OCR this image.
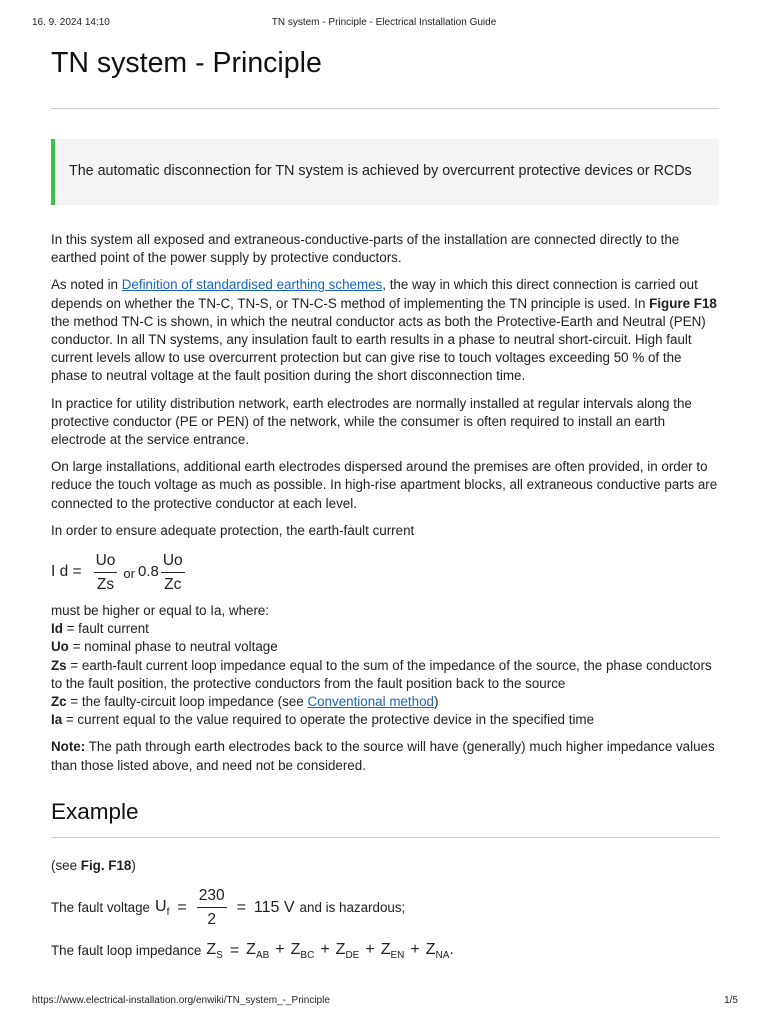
16. 9. 2024 14:10	TN system - Principle - Electrical Installation Guide
TN system - Principle
The automatic disconnection for TN system is achieved by overcurrent protective devices or RCDs

In this system all exposed and extraneous-conductive-parts of the installation are connected directly to the earthed point of the power supply by protective conductors.

As noted in Definition of standardised earthing schemes, the way in which this direct connection is carried out depends on whether the TN-C, TN-S, or TN-C-S method of implementing the TN principle is used. In Figure F18 the method TN-C is shown, in which the neutral conductor acts as both the Protective-Earth and Neutral (PEN) conductor. In all TN systems, any insulation fault to earth results in a phase to neutral short-circuit. High fault current levels allow to use overcurrent protection but can give rise to touch voltages exceeding 50 % of the phase to neutral voltage at the fault position during the short disconnection time.

In practice for utility distribution network, earth electrodes are normally installed at regular intervals along the protective conductor (PE or PEN) of the network, while the consumer is often required to install an earth electrode at the service entrance.

On large installations, additional earth electrodes dispersed around the premises are often provided, in order to reduce the touch voltage as much as possible. In high-rise apartment blocks, all extraneous conductive parts are connected to the protective conductor at each level.

In order to ensure adequate protection, the earth-fault current

I $d = \frac{Uo}{Zs}$ or $0.8 \frac{Uo}{Zc}$

must be higher or equal to Ia, where:

Id = fault current

Uo = nominal phase to neutral voltage

Zs = earth-fault current loop impedance equal to the sum of the impedance of the source, the phase conductors to the fault position, the protective conductors from the fault position back to the source

Zc = the faulty-circuit loop impedance (see Conventional method)

Ia = current equal to the value required to operate the protective device in the specified time

Note: The path through earth electrodes back to the source will have (generally) much higher impedance values than those listed above, and need not be considered.

Example
(see Fig. F18)
The fault voltage $U_f = \frac{230}{2} = 115$ V and is hazardous;
The fault loop impedance $Z_S = Z_{AB} + Z_{BC} + Z_{DE} + Z_{EN} + Z_{NA}$.
https://www.electrical-installation.org/enwiki/TN_system_-_Principle	1/5
